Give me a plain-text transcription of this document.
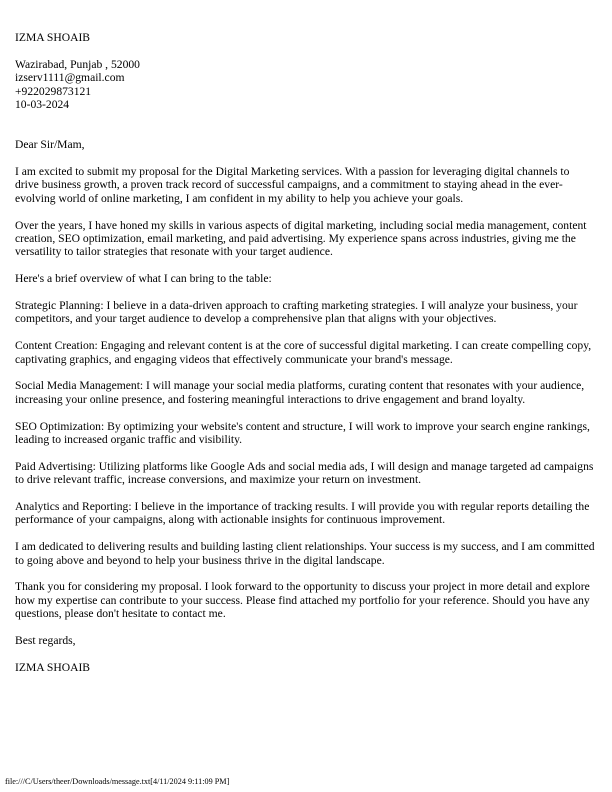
IZMA SHOAIB

Wazirabad, Punjab , 52000

izserv1111@gmail.com

+922029873121

10-03-2024

Dear Sir/Mam,

I am excited to submit my proposal for the Digital Marketing services. With a passion for leveraging digital channels to drive business growth, a proven track record of successful campaigns, and a commitment to staying ahead in the ever-evolving world of online marketing, I am confident in my ability to help you achieve your goals.

Over the years, I have honed my skills in various aspects of digital marketing, including social media management, content creation, SEO optimization, email marketing, and paid advertising. My experience spans across industries, giving me the versatility to tailor strategies that resonate with your target audience.

Here's a brief overview of what I can bring to the table:

Strategic Planning: I believe in a data-driven approach to crafting marketing strategies. I will analyze your business, your competitors, and your target audience to develop a comprehensive plan that aligns with your objectives.

Content Creation: Engaging and relevant content is at the core of successful digital marketing. I can create compelling copy, captivating graphics, and engaging videos that effectively communicate your brand's message.

Social Media Management: I will manage your social media platforms, curating content that resonates with your audience, increasing your online presence, and fostering meaningful interactions to drive engagement and brand loyalty.

SEO Optimization: By optimizing your website's content and structure, I will work to improve your search engine rankings, leading to increased organic traffic and visibility.

Paid Advertising: Utilizing platforms like Google Ads and social media ads, I will design and manage targeted ad campaigns to drive relevant traffic, increase conversions, and maximize your return on investment.

Analytics and Reporting: I believe in the importance of tracking results. I will provide you with regular reports detailing the performance of your campaigns, along with actionable insights for continuous improvement.

I am dedicated to delivering results and building lasting client relationships. Your success is my success, and I am committed to going above and beyond to help your business thrive in the digital landscape.

Thank you for considering my proposal. I look forward to the opportunity to discuss your project in more detail and explore how my expertise can contribute to your success. Please find attached my portfolio for your reference. Should you have any questions, please don't hesitate to contact me.

Best regards,

IZMA SHOAIB

file:///C/Users/theer/Downloads/message.txt[4/11/2024 9:11:09 PM]
